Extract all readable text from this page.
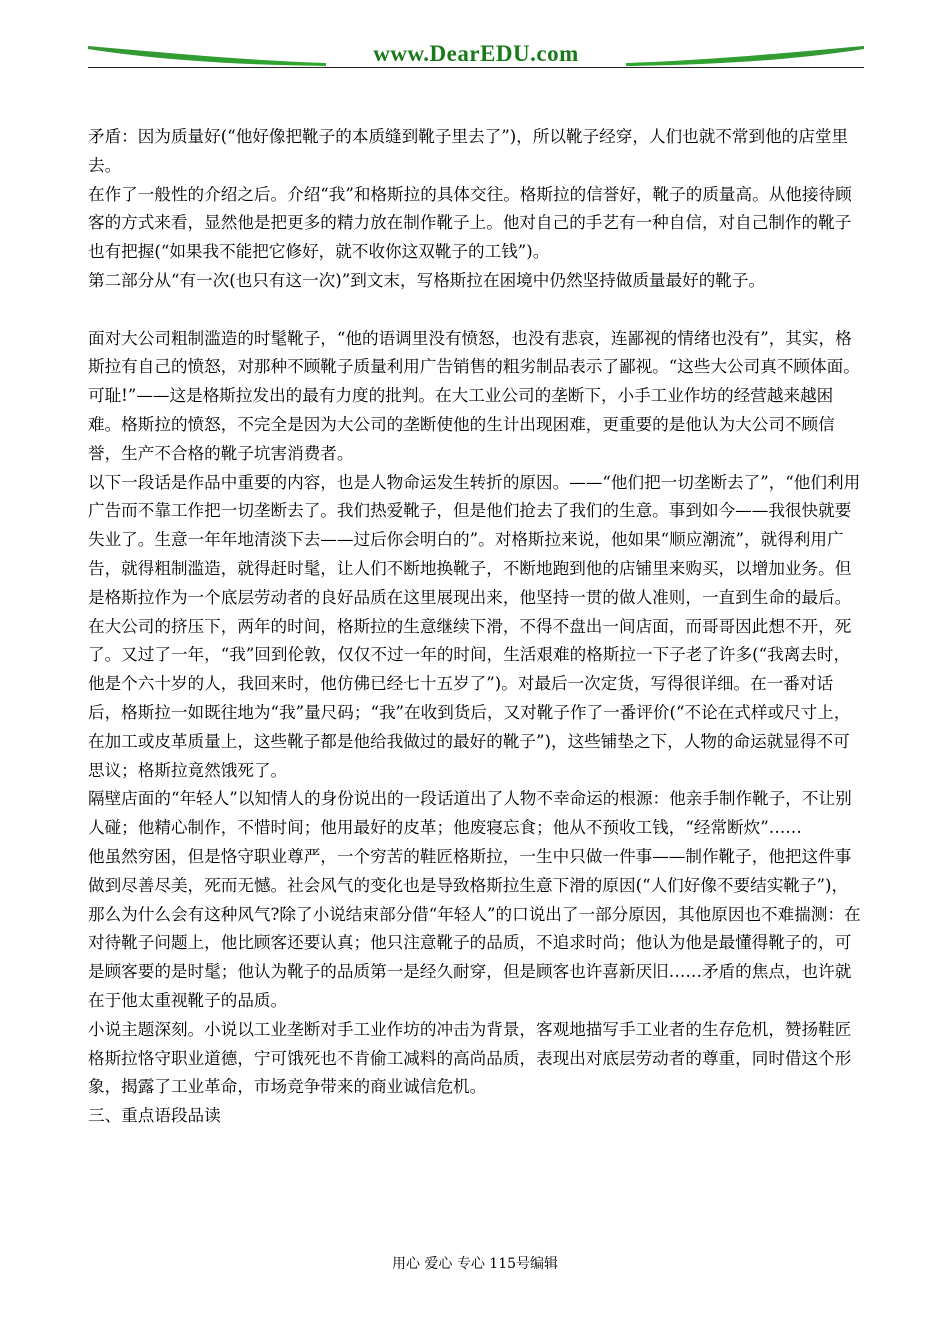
www.DearEDU.com

矛盾：因为质量好(“他好像把靴子的本质缝到靴子里去了”)，所以靴子经穿，人们也就不常到他的店堂里去。

在作了一般性的介绍之后。介绍“我”和格斯拉的具体交往。格斯拉的信誉好，靴子的质量高。从他接待顾客的方式来看，显然他是把更多的精力放在制作靴子上。他对自己的手艺有一种自信，对自己制作的靴子也有把握(“如果我不能把它修好，就不收你这双靴子的工钱”)。

第二部分从“有一次(也只有这一次)”到文末，写格斯拉在困境中仍然坚持做质量最好的靴子。

面对大公司粗制滥造的时髦靴子，“他的语调里没有愤怒，也没有悲哀，连鄙视的情绪也没有”，其实，格斯拉有自己的愤怒，对那种不顾靴子质量利用广告销售的粗劣制品表示了鄙视。“这些大公司真不顾体面。可耻!”——这是格斯拉发出的最有力度的批判。在大工业公司的垄断下，小手工业作坊的经营越来越困难。格斯拉的愤怒，不完全是因为大公司的垄断使他的生计出现困难，更重要的是他认为大公司不顾信誉，生产不合格的靴子坑害消费者。

以下一段话是作品中重要的内容，也是人物命运发生转折的原因。——“他们把一切垄断去了”，“他们利用广告而不靠工作把一切垄断去了。我们热爱靴子，但是他们抢去了我们的生意。事到如今——我很快就要失业了。生意一年年地清淡下去——过后你会明白的”。对格斯拉来说，他如果“顺应潮流”，就得利用广告，就得粗制滥造，就得赶时髦，让人们不断地换靴子，不断地跑到他的店铺里来购买，以增加业务。但是格斯拉作为一个底层劳动者的良好品质在这里展现出来，他坚持一贯的做人准则，一直到生命的最后。

在大公司的挤压下，两年的时间，格斯拉的生意继续下滑，不得不盘出一间店面，而哥哥因此想不开，死了。又过了一年，“我”回到伦敦，仅仅不过一年的时间，生活艰难的格斯拉一下子老了许多(“我离去时，他是个六十岁的人，我回来时，他仿佛已经七十五岁了”)。对最后一次定货，写得很详细。在一番对话后，格斯拉一如既往地为“我”量尺码；“我”在收到货后，又对靴子作了一番评价(“不论在式样或尺寸上，在加工或皮革质量上，这些靴子都是他给我做过的最好的靴子”)，这些铺垫之下，人物的命运就显得不可思议；格斯拉竟然饿死了。

隔壁店面的“年轻人”以知情人的身份说出的一段话道出了人物不幸命运的根源：他亲手制作靴子，不让别人碰；他精心制作，不惜时间；他用最好的皮革；他废寝忘食；他从不预收工钱，“经常断炊”……

他虽然穷困，但是恪守职业尊严，一个穷苦的鞋匠格斯拉，一生中只做一件事——制作靴子，他把这件事做到尽善尽美，死而无憾。社会风气的变化也是导致格斯拉生意下滑的原因(“人们好像不要结实靴子”)，那么为什么会有这种风气?除了小说结束部分借“年轻人”的口说出了一部分原因，其他原因也不难揣测：在对待靴子问题上，他比顾客还要认真；他只注意靴子的品质，不追求时尚；他认为他是最懂得靴子的，可是顾客要的是时髦；他认为靴子的品质第一是经久耐穿，但是顾客也许喜新厌旧……矛盾的焦点，也许就在于他太重视靴子的品质。

小说主题深刻。小说以工业垄断对手工业作坊的冲击为背景，客观地描写手工业者的生存危机，赞扬鞋匠格斯拉恪守职业道德，宁可饿死也不肯偷工减料的高尚品质，表现出对底层劳动者的尊重，同时借这个形象，揭露了工业革命，市场竞争带来的商业诚信危机。

三、重点语段品读

用心 爱心 专心 115号编辑
